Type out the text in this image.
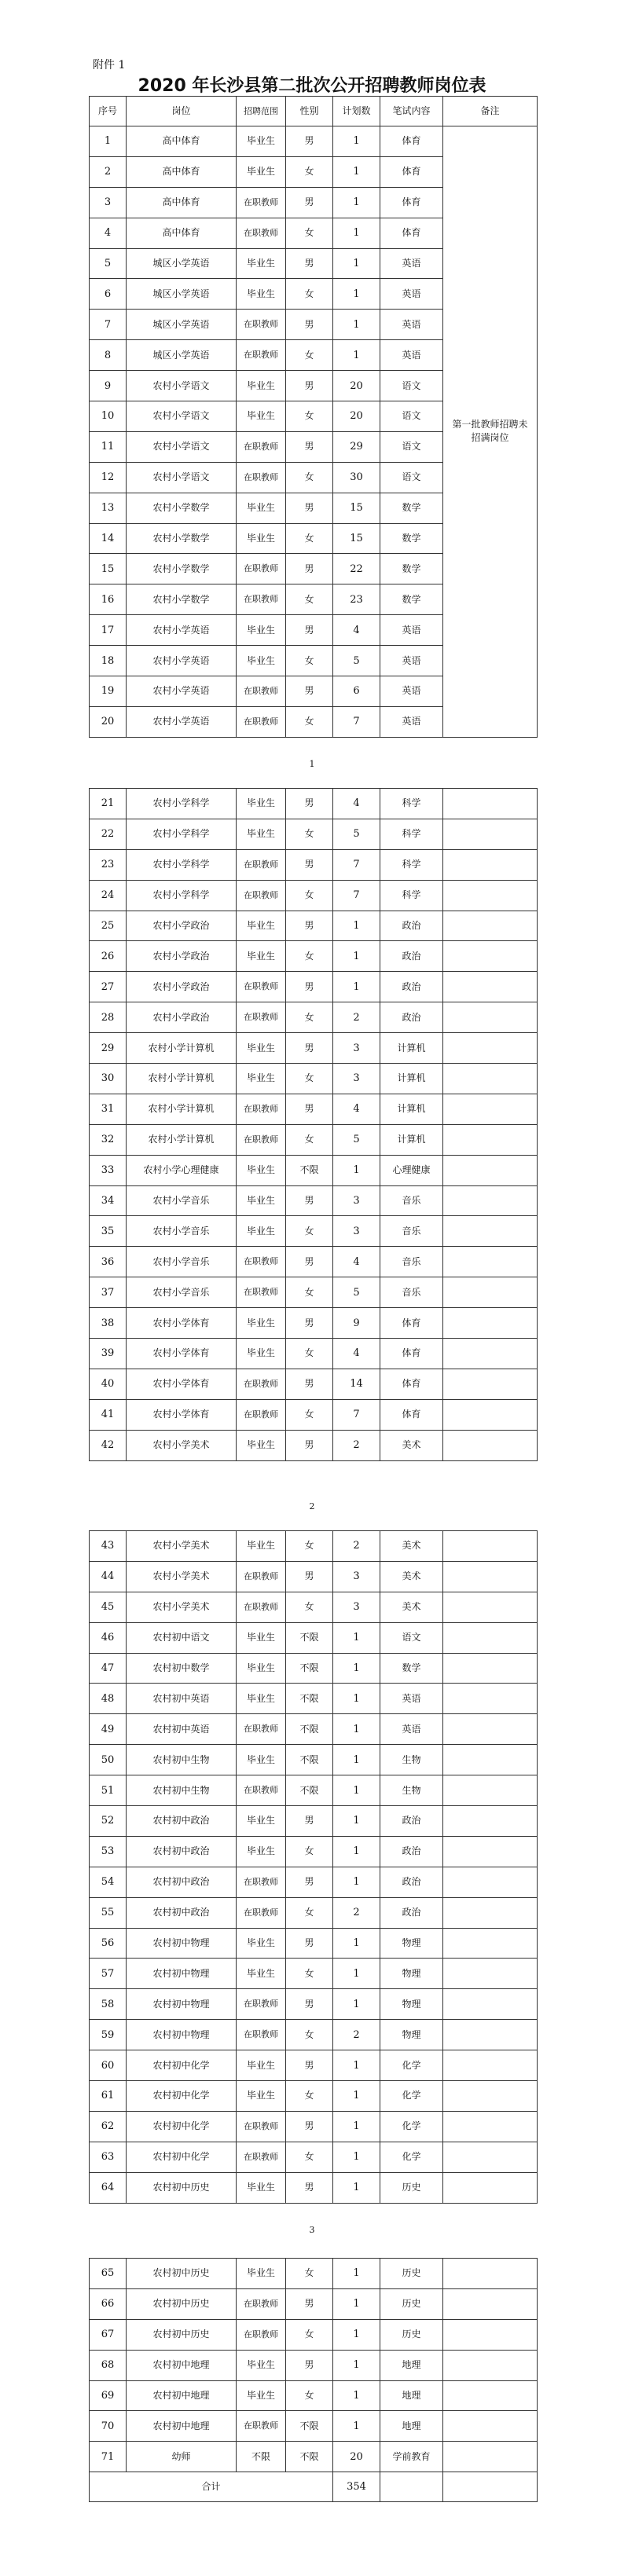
附件 1
2020 年长沙县第二批次公开招聘教师岗位表
序号	岗位	招聘范围	性别	计划数	笔试内容	备注
1	高中体育	毕业生	男	1	体育	第一批教师招聘未招满岗位
2	高中体育	毕业生	女	1	体育	
3	高中体育	在职教师	男	1	体育	
4	高中体育	在职教师	女	1	体育	
5	城区小学英语	毕业生	男	1	英语	
6	城区小学英语	毕业生	女	1	英语	
7	城区小学英语	在职教师	男	1	英语	
8	城区小学英语	在职教师	女	1	英语	
9	农村小学语文	毕业生	男	20	语文	
10	农村小学语文	毕业生	女	20	语文	
11	农村小学语文	在职教师	男	29	语文	
12	农村小学语文	在职教师	女	30	语文	
13	农村小学数学	毕业生	男	15	数学	
14	农村小学数学	毕业生	女	15	数学	
15	农村小学数学	在职教师	男	22	数学	
16	农村小学数学	在职教师	女	23	数学	
17	农村小学英语	毕业生	男	4	英语	
18	农村小学英语	毕业生	女	5	英语	
19	农村小学英语	在职教师	男	6	英语	
20	农村小学英语	在职教师	女	7	英语	
21	农村小学科学	毕业生	男	4	科学	
22	农村小学科学	毕业生	女	5	科学	
23	农村小学科学	在职教师	男	7	科学	
24	农村小学科学	在职教师	女	7	科学	
25	农村小学政治	毕业生	男	1	政治	
26	农村小学政治	毕业生	女	1	政治	
27	农村小学政治	在职教师	男	1	政治	
28	农村小学政治	在职教师	女	2	政治	
29	农村小学计算机	毕业生	男	3	计算机	
30	农村小学计算机	毕业生	女	3	计算机	
31	农村小学计算机	在职教师	男	4	计算机	
32	农村小学计算机	在职教师	女	5	计算机	
33	农村小学心理健康	毕业生	不限	1	心理健康	
34	农村小学音乐	毕业生	男	3	音乐	
35	农村小学音乐	毕业生	女	3	音乐	
36	农村小学音乐	在职教师	男	4	音乐	
37	农村小学音乐	在职教师	女	5	音乐	
38	农村小学体育	毕业生	男	9	体育	
39	农村小学体育	毕业生	女	4	体育	
40	农村小学体育	在职教师	男	14	体育	
41	农村小学体育	在职教师	女	7	体育	
42	农村小学美术	毕业生	男	2	美术	
43	农村小学美术	毕业生	女	2	美术	
44	农村小学美术	在职教师	男	3	美术	
45	农村小学美术	在职教师	女	3	美术	
46	农村初中语文	毕业生	不限	1	语文	
47	农村初中数学	毕业生	不限	1	数学	
48	农村初中英语	毕业生	不限	1	英语	
49	农村初中英语	在职教师	不限	1	英语	
50	农村初中生物	毕业生	不限	1	生物	
51	农村初中生物	在职教师	不限	1	生物	
52	农村初中政治	毕业生	男	1	政治	
53	农村初中政治	毕业生	女	1	政治	
54	农村初中政治	在职教师	男	1	政治	
55	农村初中政治	在职教师	女	2	政治	
56	农村初中物理	毕业生	男	1	物理	
57	农村初中物理	毕业生	女	1	物理	
58	农村初中物理	在职教师	男	1	物理	
59	农村初中物理	在职教师	女	2	物理	
60	农村初中化学	毕业生	男	1	化学	
61	农村初中化学	毕业生	女	1	化学	
62	农村初中化学	在职教师	男	1	化学	
63	农村初中化学	在职教师	女	1	化学	
64	农村初中历史	毕业生	男	1	历史	
65	农村初中历史	毕业生	女	1	历史	
66	农村初中历史	在职教师	男	1	历史	
67	农村初中历史	在职教师	女	1	历史	
68	农村初中地理	毕业生	男	1	地理	
69	农村初中地理	毕业生	女	1	地理	
70	农村初中地理	在职教师	不限	1	地理	
71	幼师	不限	不限	20	学前教育	
合计				354		
1
2
3
